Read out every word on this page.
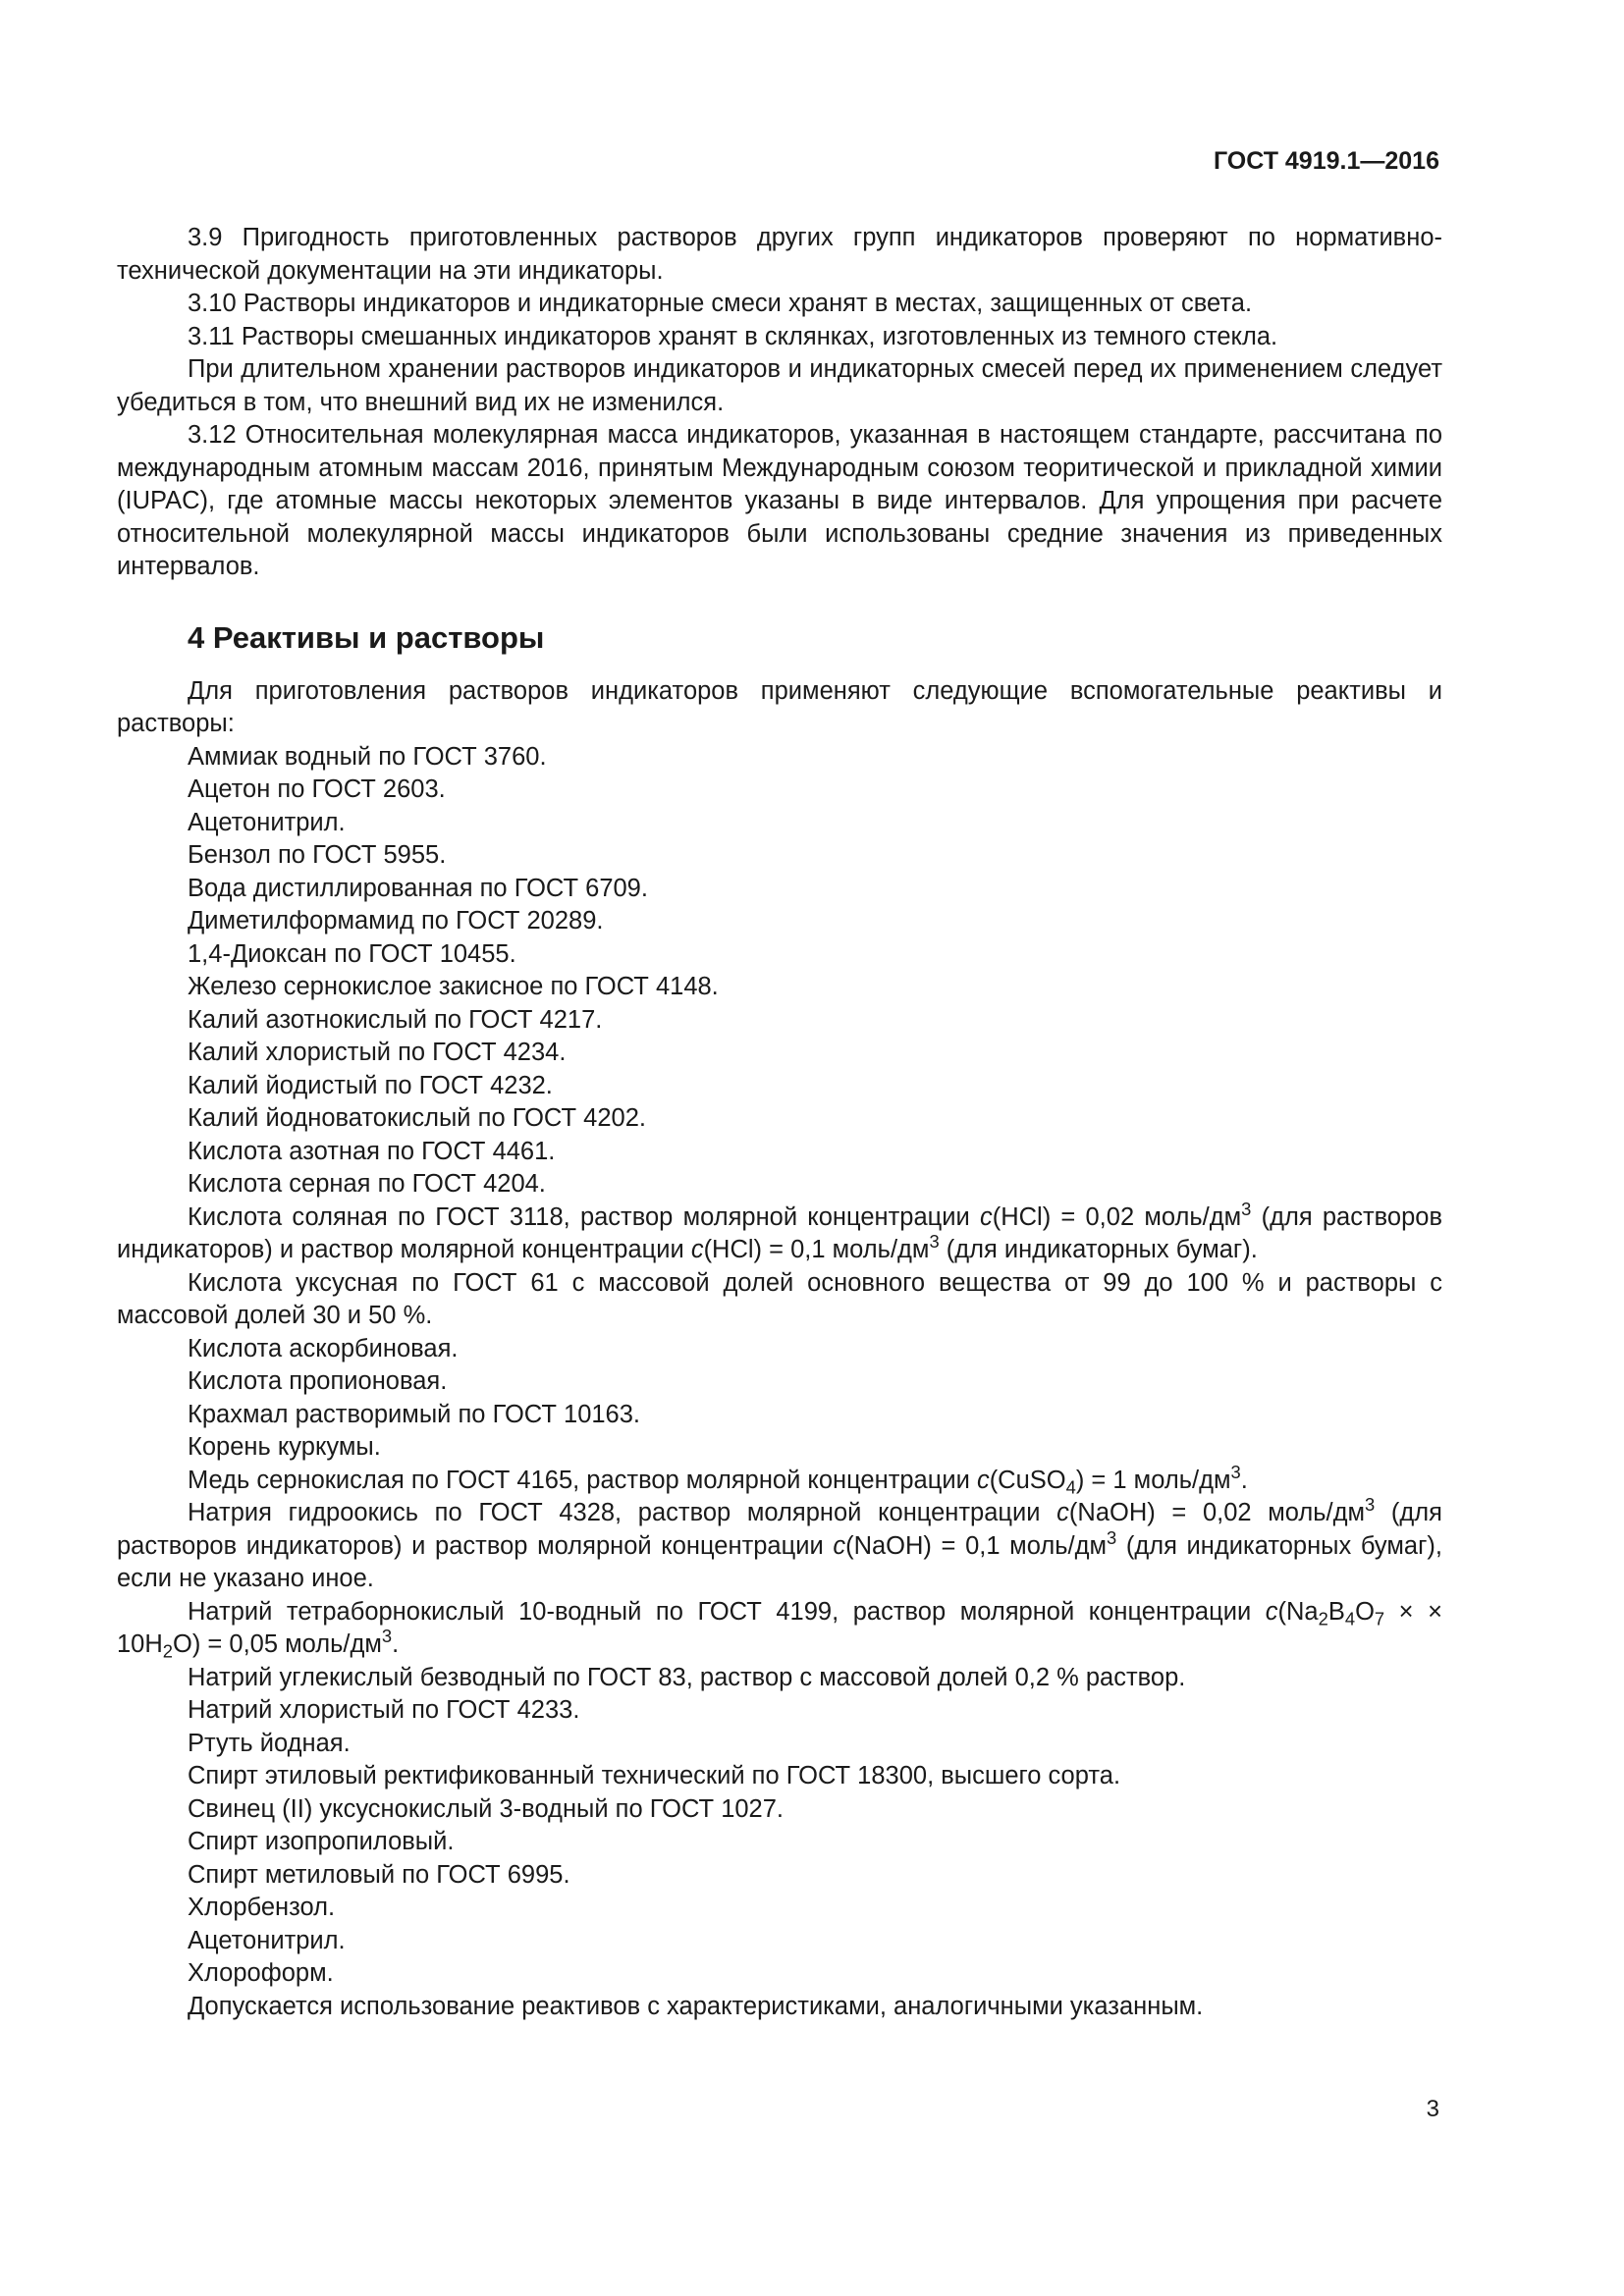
ГОСТ 4919.1—2016

3.9 Пригодность приготовленных растворов других групп индикаторов проверяют по нормативно-технической документации на эти индикаторы.

3.10 Растворы индикаторов и индикаторные смеси хранят в местах, защищенных от света.

3.11 Растворы смешанных индикаторов хранят в склянках, изготовленных из темного стекла.

При длительном хранении растворов индикаторов и индикаторных смесей перед их применением следует убедиться в том, что внешний вид их не изменился.

3.12 Относительная молекулярная масса индикаторов, указанная в настоящем стандарте, рассчитана по международным атомным массам 2016, принятым Международным союзом теоритической и прикладной химии (IUPAC), где атомные массы некоторых элементов указаны в виде интервалов. Для упрощения при расчете относительной молекулярной массы индикаторов были использованы средние значения из приведенных интервалов.

4 Реактивы и растворы

Для приготовления растворов индикаторов применяют следующие вспомогательные реактивы и растворы:

Аммиак водный по ГОСТ 3760.

Ацетон по ГОСТ 2603.

Ацетонитрил.

Бензол по ГОСТ 5955.

Вода дистиллированная по ГОСТ 6709.

Диметилформамид по ГОСТ 20289.

1,4-Диоксан по ГОСТ 10455.

Железо сернокислое закисное по ГОСТ 4148.

Калий азотнокислый по ГОСТ 4217.

Калий хлористый по ГОСТ 4234.

Калий йодистый по ГОСТ 4232.

Калий йодноватокислый по ГОСТ 4202.

Кислота азотная по ГОСТ 4461.

Кислота серная по ГОСТ 4204.

Кислота соляная по ГОСТ 3118, раствор молярной концентрации c(HCl) = 0,02 моль/$дм^3$ (для растворов индикаторов) и раствор молярной концентрации c(HCl) = 0,1 моль/$дм^3$ (для индикаторных бумаг).

Кислота уксусная по ГОСТ 61 с массовой долей основного вещества от 99 до 100 % и растворы с массовой долей 30 и 50 %.

Кислота аскорбиновая.

Кислота пропионовая.

Крахмал растворимый по ГОСТ 10163.

Корень куркумы.

Медь сернокислая по ГОСТ 4165, раствор молярной концентрации c(CuSO$_4$) = 1 моль/$дм^3$.

Натрия гидроокись по ГОСТ 4328, раствор молярной концентрации c(NaOH) = 0,02 моль/$дм^3$ (для растворов индикаторов) и раствор молярной концентрации c(NaOH) = 0,1 моль/$дм^3$ (для индикаторных бумаг), если не указано иное.

Натрий тетраборнокислый 10-водный по ГОСТ 4199, раствор молярной концентрации $c(Na_2B_4O_7$ × × $10H_2O) = 0,05$ моль/$дм^3$.

Натрий углекислый безводный по ГОСТ 83, раствор с массовой долей 0,2 % раствор.

Натрий хлористый по ГОСТ 4233.

Ртуть йодная.

Спирт этиловый ректификованный технический по ГОСТ 18300, высшего сорта.

Свинец (II) уксуснокислый 3-водный по ГОСТ 1027.

Спирт изопропиловый.

Спирт метиловый по ГОСТ 6995.

Хлорбензол.

Ацетонитрил.

Хлороформ.

Допускается использование реактивов с характеристиками, аналогичными указанным.

3
